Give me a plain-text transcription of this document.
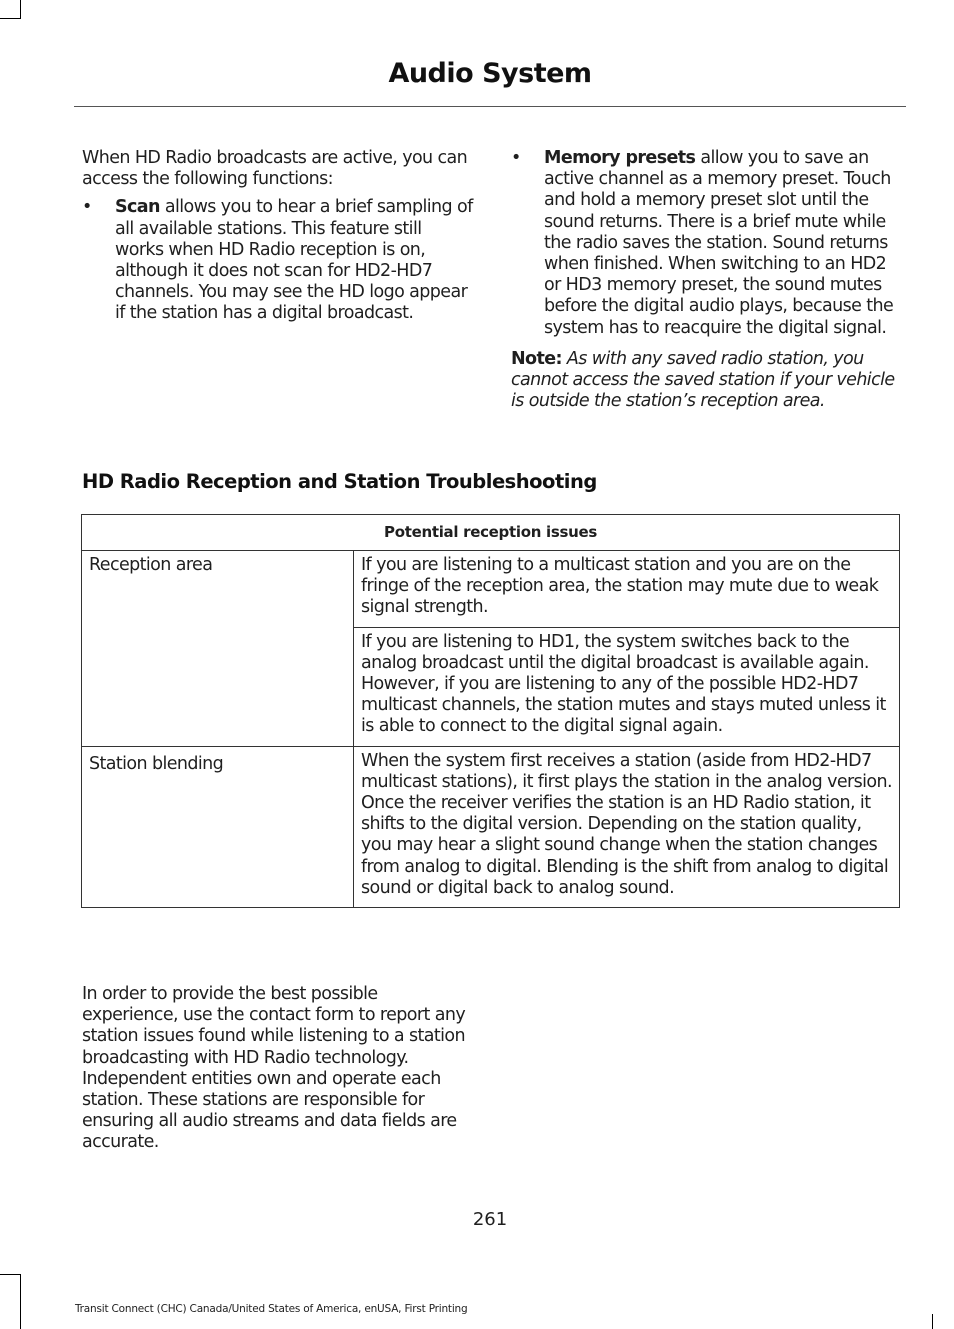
Audio System

When HD Radio broadcasts are active, you can access the following functions:

• Scan allows you to hear a brief sampling of all available stations. This feature still works when HD Radio reception is on, although it does not scan for HD2-HD7 channels. You may see the HD logo appear if the station has a digital broadcast.
• Memory presets allow you to save an active channel as a memory preset. Touch and hold a memory preset slot until the sound returns. There is a brief mute while the radio saves the station. Sound returns when finished. When switching to an HD2 or HD3 memory preset, the sound mutes before the digital audio plays, because the system has to reacquire the digital signal.

Note: As with any saved radio station, you cannot access the saved station if your vehicle is outside the station’s reception area.

HD Radio Reception and Station Troubleshooting
Potential reception issues	
Reception area	If you are listening to a multicast station and you are on the fringe of the reception area, the station may mute due to weak signal strength.
	If you are listening to HD1, the system switches back to the analog broadcast until the digital broadcast is available again. However, if you are listening to any of the possible HD2-HD7 multicast channels, the station mutes and stays muted unless it is able to connect to the digital signal again.
Station blending	When the system first receives a station (aside from HD2-HD7 multicast stations), it first plays the station in the analog version. Once the receiver verifies the station is an HD Radio station, it shifts to the digital version. Depending on the station quality, you may hear a slight sound change when the station changes from analog to digital. Blending is the shift from analog to digital sound or digital back to analog sound.

In order to provide the best possible experience, use the contact form to report any station issues found while listening to a station broadcasting with HD Radio technology. Independent entities own and operate each station. These stations are responsible for ensuring all audio streams and data fields are accurate.

261
Transit Connect (CHC) Canada/United States of America, enUSA, First Printing
